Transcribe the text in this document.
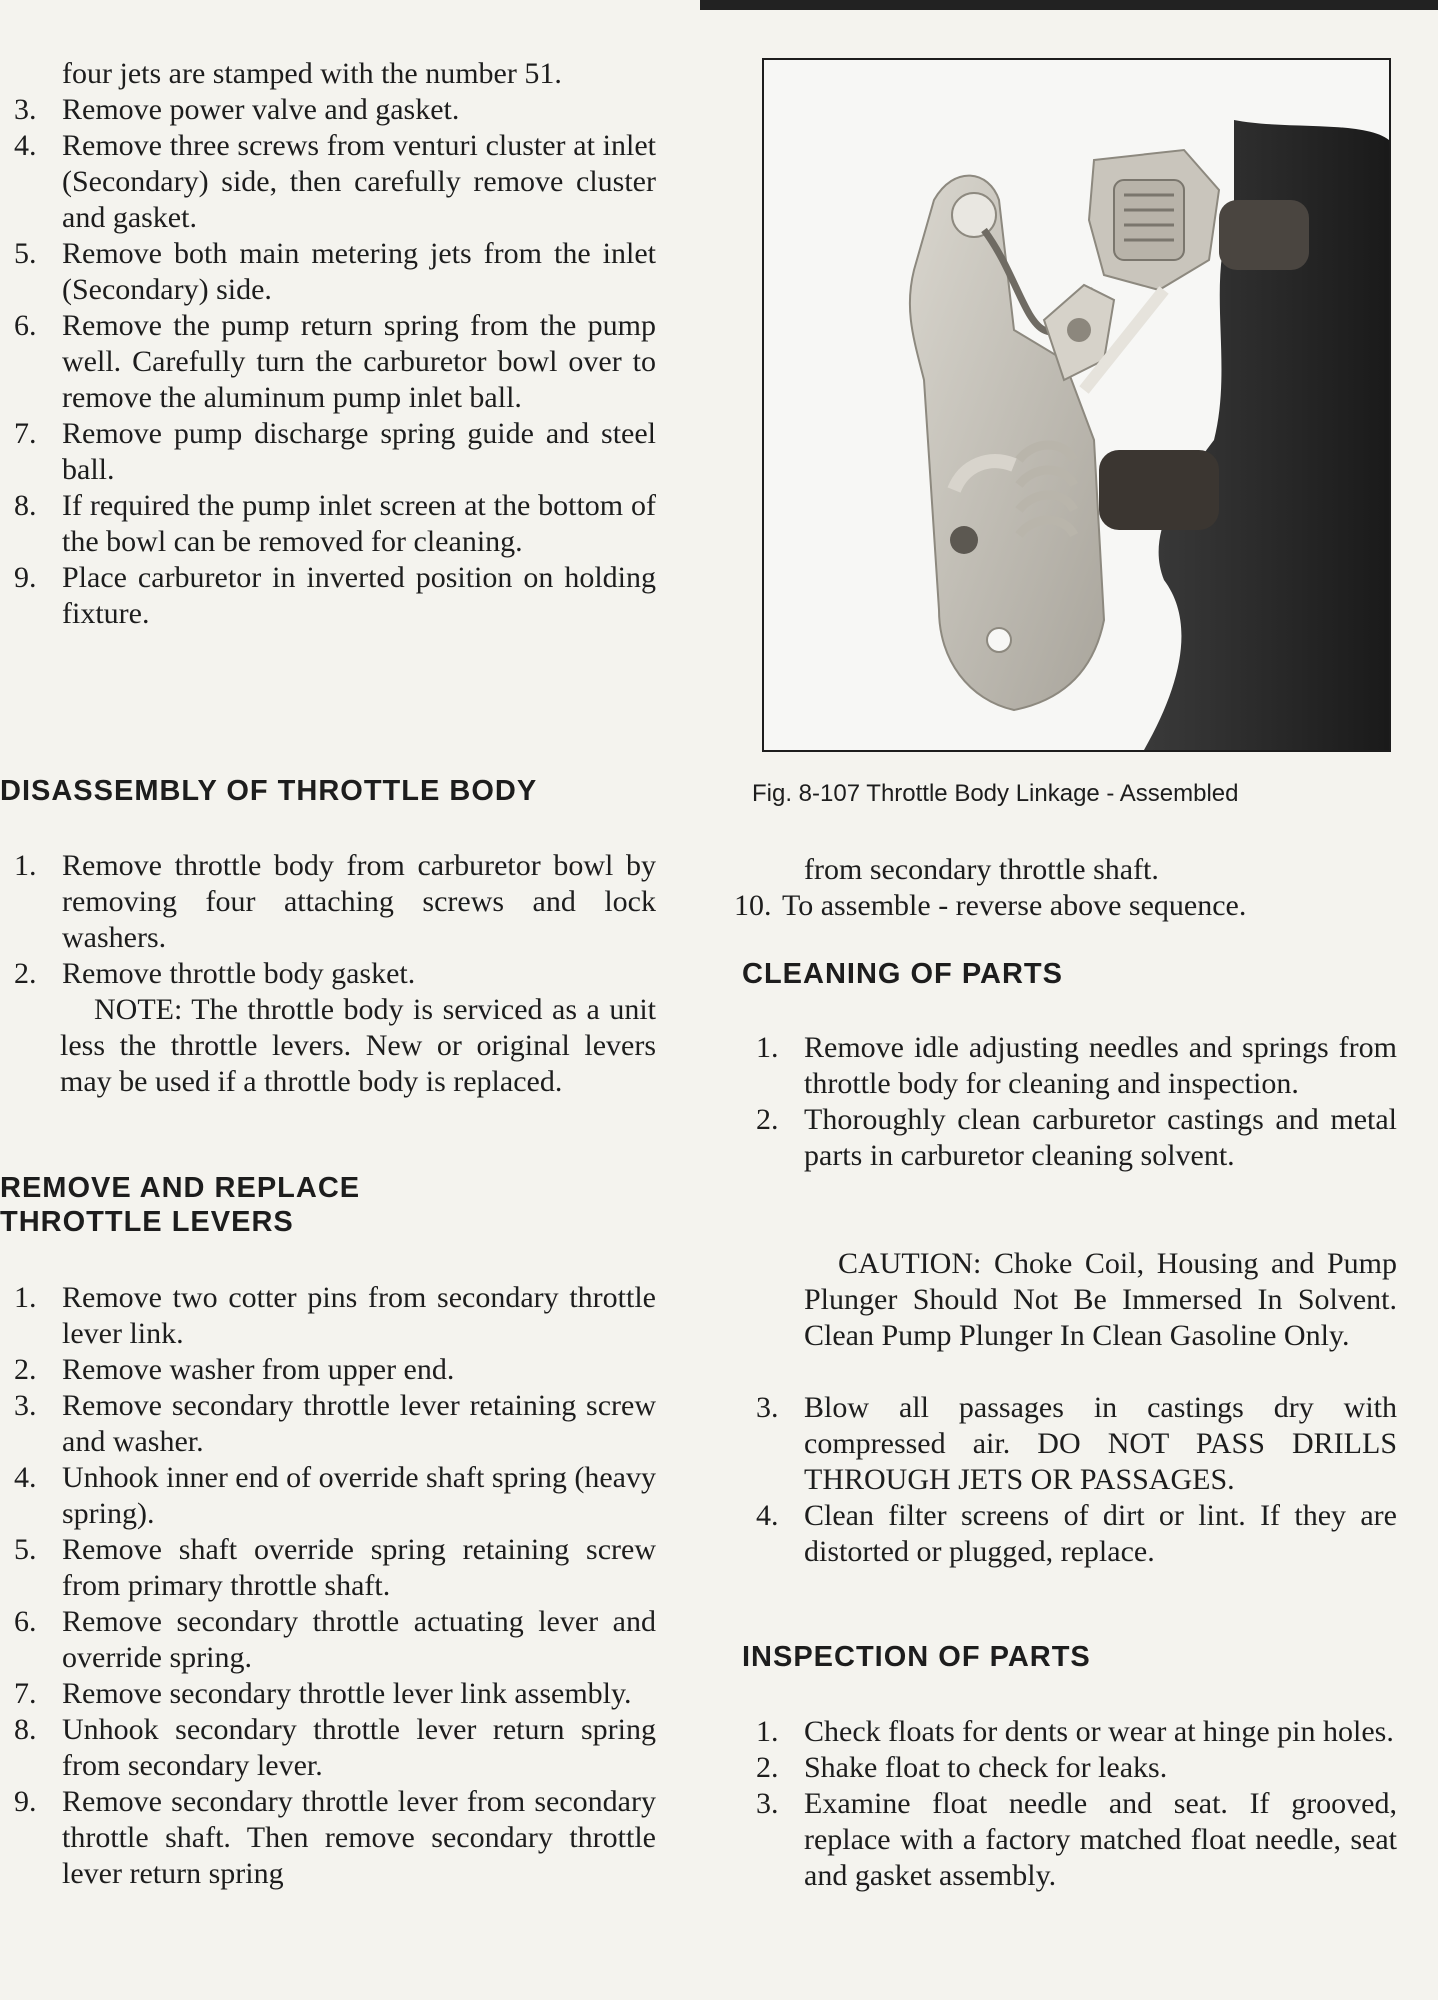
four jets are stamped with the number 51.
3. Remove power valve and gasket.
4. Remove three screws from venturi cluster at inlet (Secondary) side, then carefully remove cluster and gasket.
5. Remove both main metering jets from the inlet (Secondary) side.
6. Remove the pump return spring from the pump well. Carefully turn the carburetor bowl over to remove the aluminum pump inlet ball.
7. Remove pump discharge spring guide and steel ball.
8. If required the pump inlet screen at the bottom of the bowl can be removed for cleaning.
9. Place carburetor in inverted position on holding fixture.
DISASSEMBLY OF THROTTLE BODY
1. Remove throttle body from carburetor bowl by removing four attaching screws and lock washers.
2. Remove throttle body gasket.
NOTE: The throttle body is serviced as a unit less the throttle levers. New or original levers may be used if a throttle body is replaced.
REMOVE AND REPLACE
THROTTLE LEVERS
1. Remove two cotter pins from secondary throttle lever link.
2. Remove washer from upper end.
3. Remove secondary throttle lever retaining screw and washer.
4. Unhook inner end of override shaft spring (heavy spring).
5. Remove shaft override spring retaining screw from primary throttle shaft.
6. Remove secondary throttle actuating lever and override spring.
7. Remove secondary throttle lever link assembly.
8. Unhook secondary throttle lever return spring from secondary lever.
9. Remove secondary throttle lever from secondary throttle shaft. Then remove secondary throttle lever return spring
Fig. 8-107 Throttle Body Linkage - Assembled
from secondary throttle shaft.
10. To assemble - reverse above sequence.
CLEANING OF PARTS
1. Remove idle adjusting needles and springs from throttle body for cleaning and inspection.
2. Thoroughly clean carburetor castings and metal parts in carburetor cleaning solvent.
CAUTION: Choke Coil, Housing and Pump Plunger Should Not Be Immersed In Solvent. Clean Pump Plunger In Clean Gasoline Only.
3. Blow all passages in castings dry with compressed air. DO NOT PASS DRILLS THROUGH JETS OR PASSAGES.
4. Clean filter screens of dirt or lint. If they are distorted or plugged, replace.
INSPECTION OF PARTS
1. Check floats for dents or wear at hinge pin holes.
2. Shake float to check for leaks.
3. Examine float needle and seat. If grooved, replace with a factory matched float needle, seat and gasket assembly.
